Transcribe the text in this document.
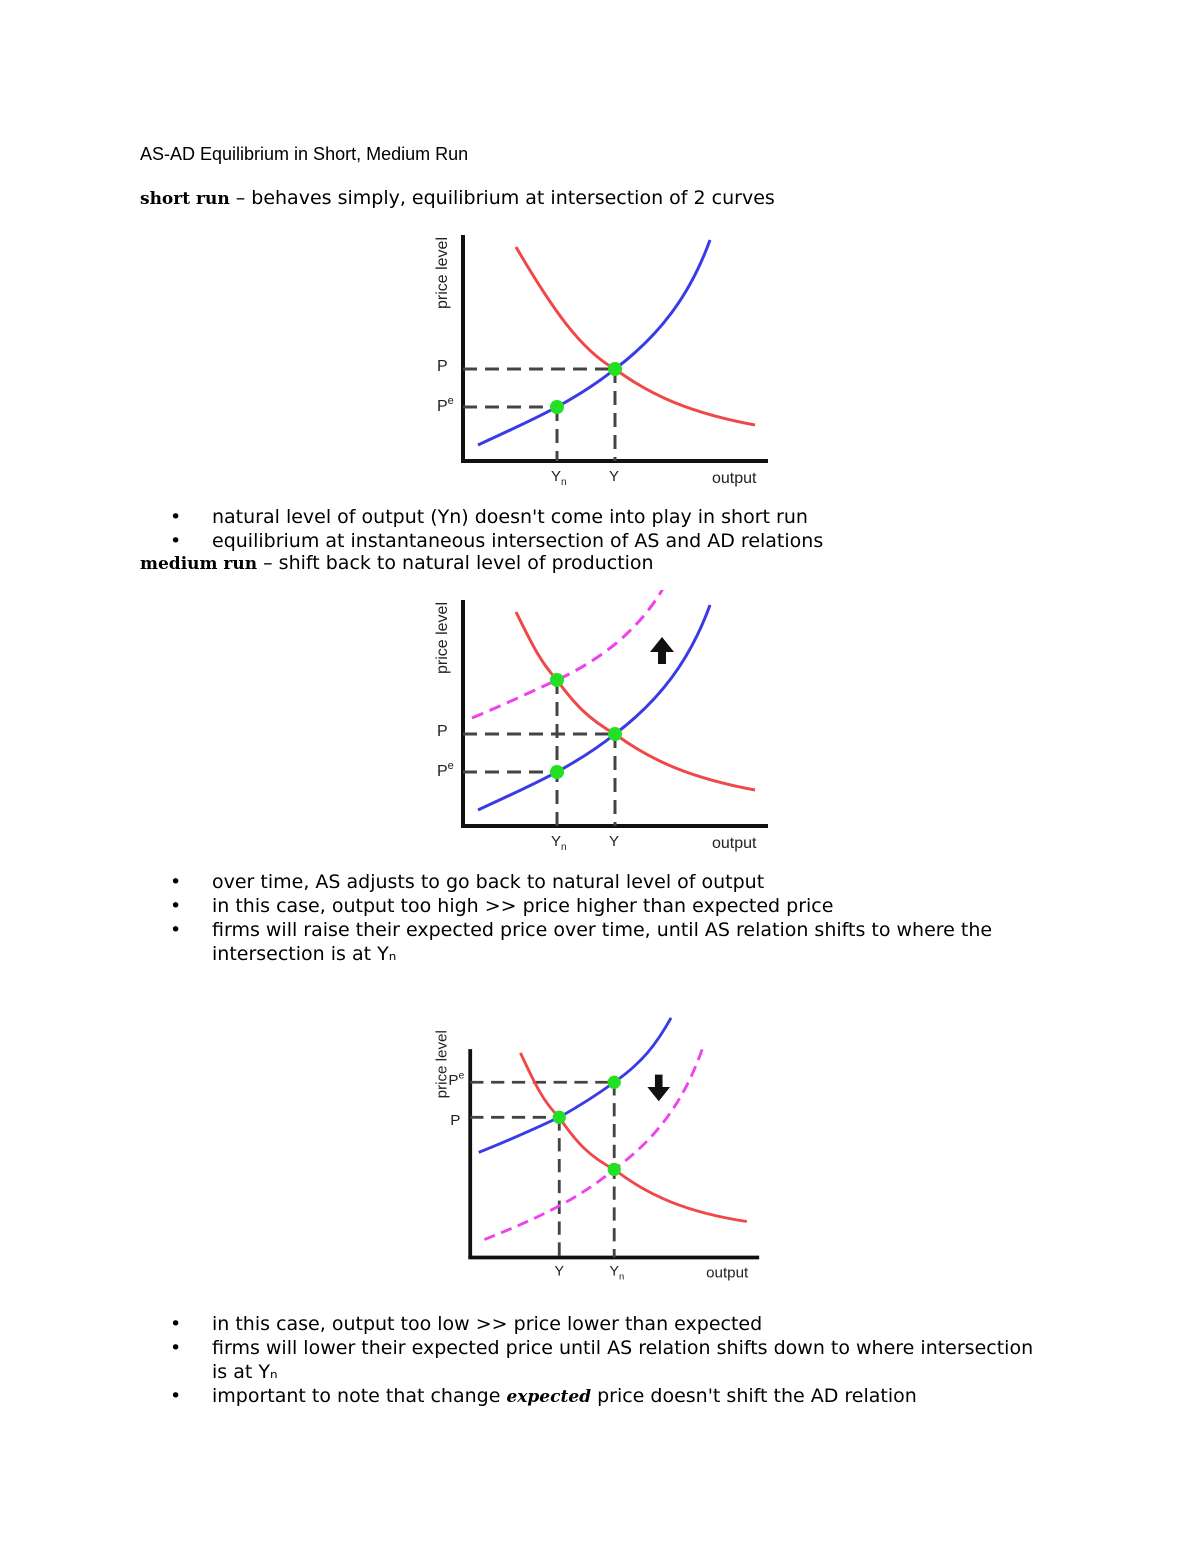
AS-AD Equilibrium in Short, Medium Run
short run – behaves simply, equilibrium at intersection of 2 curves
price level
P
$P^e$
$Y_n$	Y	output
• natural level of output (Yn) doesn't come into play in short run
• equilibrium at instantaneous intersection of AS and AD relations
medium run – shift back to natural level of production
price level
P
$P^e$
$Y_n$	Y	output
• over time, AS adjusts to go back to natural level of output
• in this case, output too high >> price higher than expected price
• firms will raise their expected price over time, until AS relation shifts to where the intersection is at Yₙ
price level
$P^e$
P
Y	$Y_n$	output
• in this case, output too low >> price lower than expected
• firms will lower their expected price until AS relation shifts down to where intersection is at Yₙ
• important to note that change expected price doesn't shift the AD relation
